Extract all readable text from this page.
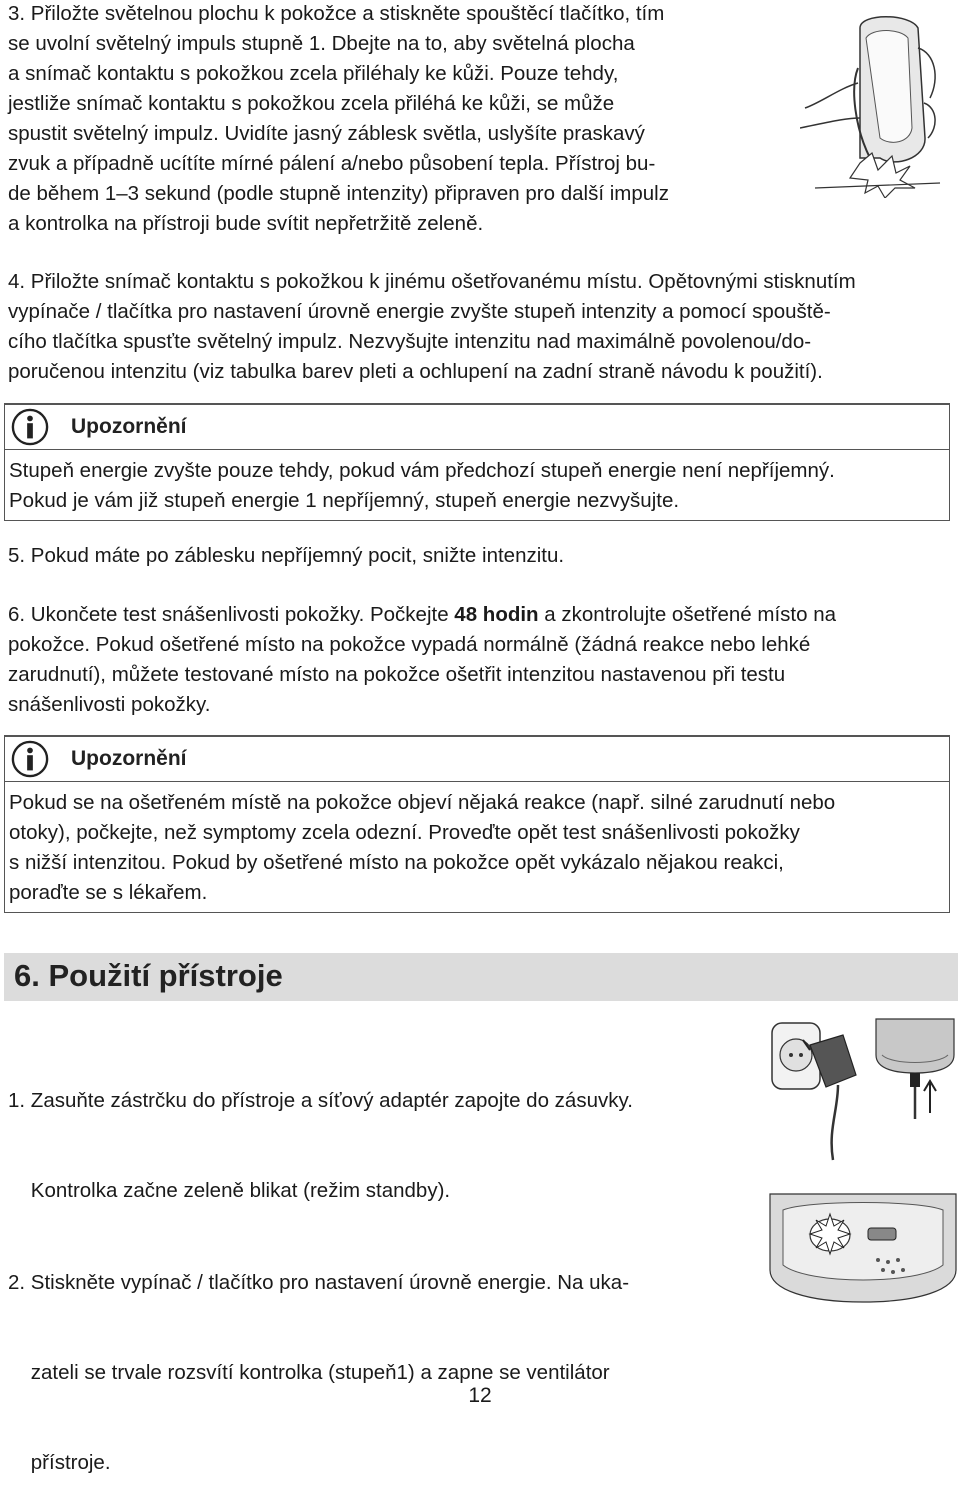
3. Přiložte světelnou plochu k pokožce a stiskněte spouštěcí tlačítko, tím

se uvolní světelný impuls stupně 1. Dbejte na to, aby světelná plocha

a snímač kontaktu s pokožkou zcela přiléhaly ke kůži. Pouze tehdy,

jestliže snímač kontaktu s pokožkou zcela přiléhá ke kůži, se může

spustit světelný impulz. Uvidíte jasný záblesk světla, uslyšíte praskavý

zvuk a případně ucítíte mírné pálení a/nebo působení tepla. Přístroj bu-

de během 1–3 sekund (podle stupně intenzity) připraven pro další impulz

a kontrolka na přístroji bude svítit nepřetržitě zeleně.

4. Přiložte snímač kontaktu s pokožkou k jinému ošetřovanému místu. Opětovnými stisknutím

vypínače / tlačítka pro nastavení úrovně energie zvyšte stupeň intenzity a pomocí spouště-

cího tlačítka spusťte světelný impulz. Nezvyšujte intenzitu nad maximálně povolenou/do-

poručenou intenzitu (viz tabulka barev pleti a ochlupení na zadní straně návodu k použití).

Upozornění
Stupeň energie zvyšte pouze tehdy, pokud vám předchozí stupeň energie není nepříjemný.
Pokud je vám již stupeň energie 1 nepříjemný, stupeň energie nezvyšujte.
5. Pokud máte po záblesku nepříjemný pocit, snižte intenzitu.

6. Ukončete test snášenlivosti pokožky. Počkejte 48 hodin a zkontrolujte ošetřené místo na

pokožce. Pokud ošetřené místo na pokožce vypadá normálně (žádná reakce nebo lehké

zarudnutí), můžete testované místo na pokožce ošetřit intenzitou nastavenou při testu

snášenlivosti pokožky.

Upozornění
Pokud se na ošetřeném místě na pokožce objeví nějaká reakce (např. silné zarudnutí nebo
otoky), počkejte, než symptomy zcela odezní. Proveďte opět test snášenlivosti pokožky
s nižší intenzitou. Pokud by ošetřené místo na pokožce opět vykázalo nějakou reakci,
poraďte se s lékařem.
6. Použití přístroje

1. Zasuňte zástrčku do přístroje a síťový adaptér zapojte do zásuvky.

Kontrolka začne zeleně blikat (režim standby).

2. Stiskněte vypínač / tlačítko pro nastavení úrovně energie. Na uka-

zateli se trvale rozsvítí kontrolka (stupeň1) a zapne se ventilátor

přístroje.

12
